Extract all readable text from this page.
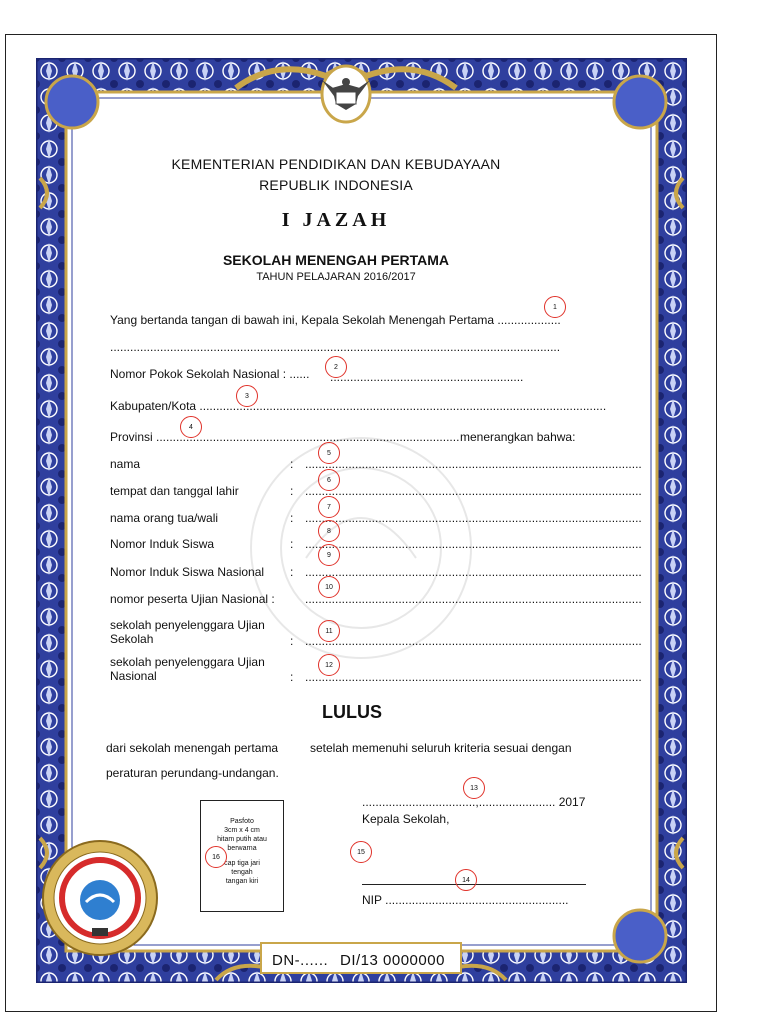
KEMENTERIAN PENDIDIKAN DAN KEBUDAYAAN
REPUBLIK INDONESIA
I JAZAH
SEKOLAH MENENGAH PERTAMA
TAHUN PELAJARAN 2016/2017
Yang bertanda tangan di bawah ini, Kepala Sekolah Menengah Pertama ...................
.......................................................................................................................................
Nomor Pokok Sekolah Nasional : ...... ..........................................................
Kabupaten/Kota ..........................................................................................................................
Provinsi ........................................................................................... menerangkan bahwa:
nama	: .....................................................................................................
tempat dan tanggal lahir	: .....................................................................................................
nama orang tua/wali	: .....................................................................................................
Nomor Induk Siswa	: .....................................................................................................
Nomor Induk Siswa Nasional : .....................................................................................................
nomor peserta Ujian Nasional :	.....................................................................................................
sekolah penyelenggara Ujian
Sekolah	: .....................................................................................................
sekolah penyelenggara Ujian
Nasional	: .....................................................................................................
LULUS
dari sekolah menengah pertama	setelah memenuhi seluruh kriteria sesuai dengan
peraturan perundang-undangan.
..................................,....................... 2017
Kepala Sekolah,
NIP .......................................................
Pasfoto
3cm x 4 cm
hitam putih atau
berwarna
cap tiga jari
tengah
tangan kiri
DN-...... DI/13 0000000
1
2
3
4
5
6
7
8
9
10
11
12
13
14
15
16
